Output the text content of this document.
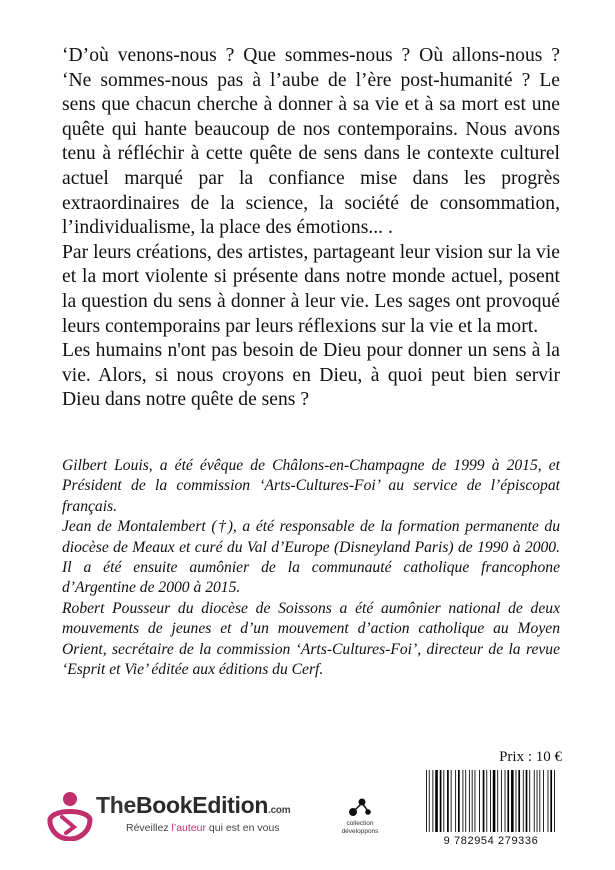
‘D’où venons-nous ? Que sommes-nous ? Où allons-nous ? ‘Ne sommes-nous pas à l’aube de l’ère post-humanité ? Le sens que chacun cherche à donner à sa vie et à sa mort est une quête qui hante beaucoup de nos contemporains. Nous avons tenu à réfléchir à cette quête de sens dans le contexte culturel actuel marqué par la confiance mise dans les progrès extraordinaires de la science, la société de consommation, l’individualisme, la place des émotions... .

Par leurs créations, des artistes, partageant leur vision sur la vie et la mort violente si présente dans notre monde actuel, posent la question du sens à donner à leur vie. Les sages ont provoqué leurs contemporains par leurs réflexions sur la vie et la mort.

Les humains n'ont pas besoin de Dieu pour donner un sens à la vie. Alors, si nous croyons en Dieu, à quoi peut bien servir Dieu dans notre quête de sens ?

Gilbert Louis, a été évêque de Châlons-en-Champagne de 1999 à 2015, et Président de la commission ‘Arts-Cultures-Foi’ au service de l’épiscopat français.

Jean de Montalembert (†), a été responsable de la formation permanente du diocèse de Meaux et curé du Val d’Europe (Disneyland Paris) de 1990 à 2000. Il a été ensuite aumônier de la communauté catholique francophone d’Argentine de 2000 à 2015.

Robert Pousseur du diocèse de Soissons a été aumônier national de deux mouvements de jeunes et d’un mouvement d’action catholique au Moyen Orient, secrétaire de la commission ‘Arts-Cultures-Foi’, directeur de la revue ‘Esprit et Vie’ éditée aux éditions du Cerf.

Prix : 10 €
9 782954 279336
TheBookEdition.com
Réveillez l’auteur qui est en vous	collection
développons
